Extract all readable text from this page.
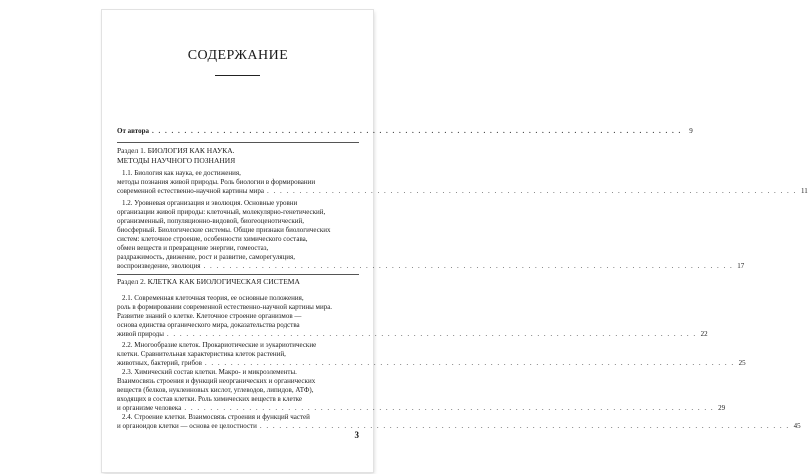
СОДЕРЖАНИЕ
От автора . . .	9
Раздел 1. БИОЛОГИЯ КАК НАУКА.
МЕТОДЫ НАУЧНОГО ПОЗНАНИЯ
1.1. Биология как наука, ее достижения,
методы познания живой природы. Роль биологии в формировании
современной естественно-научной картины мира . . .	11
1.2. Уровневая организация и эволюция. Основные уровни
организации живой природы: клеточный, молекулярно-генетический,
организменный, популяционно-видовой, биогеоценотический,
биосферный. Биологические системы. Общие признаки биологических
систем: клеточное строение, особенности химического состава,
обмен веществ и превращение энергии, гомеостаз,
раздражимость, движение, рост и развитие, саморегуляция,
воспроизведение, эволюция . . .	17
Раздел 2. КЛЕТКА КАК БИОЛОГИЧЕСКАЯ СИСТЕМА
2.1. Современная клеточная теория, ее основные положения,
роль в формировании современной естественно-научной картины мира.
Развитие знаний о клетке. Клеточное строение организмов —
основа единства органического мира, доказательства родства
живой природы . . .	22
2.2. Многообразие клеток. Прокариотические и эукариотические
клетки. Сравнительная характеристика клеток растений,
животных, бактерий, грибов . . .	25
2.3. Химический состав клетки. Макро- и микроэлементы.
Взаимосвязь строения и функций неорганических и органических
веществ (белков, нуклеиновых кислот, углеводов, липидов, АТФ),
входящих в состав клетки. Роль химических веществ в клетке
и организме человека . . .	29
2.4. Строение клетки. Взаимосвязь строения и функций частей
и органоидов клетки — основа ее целостности . . .	45
3
